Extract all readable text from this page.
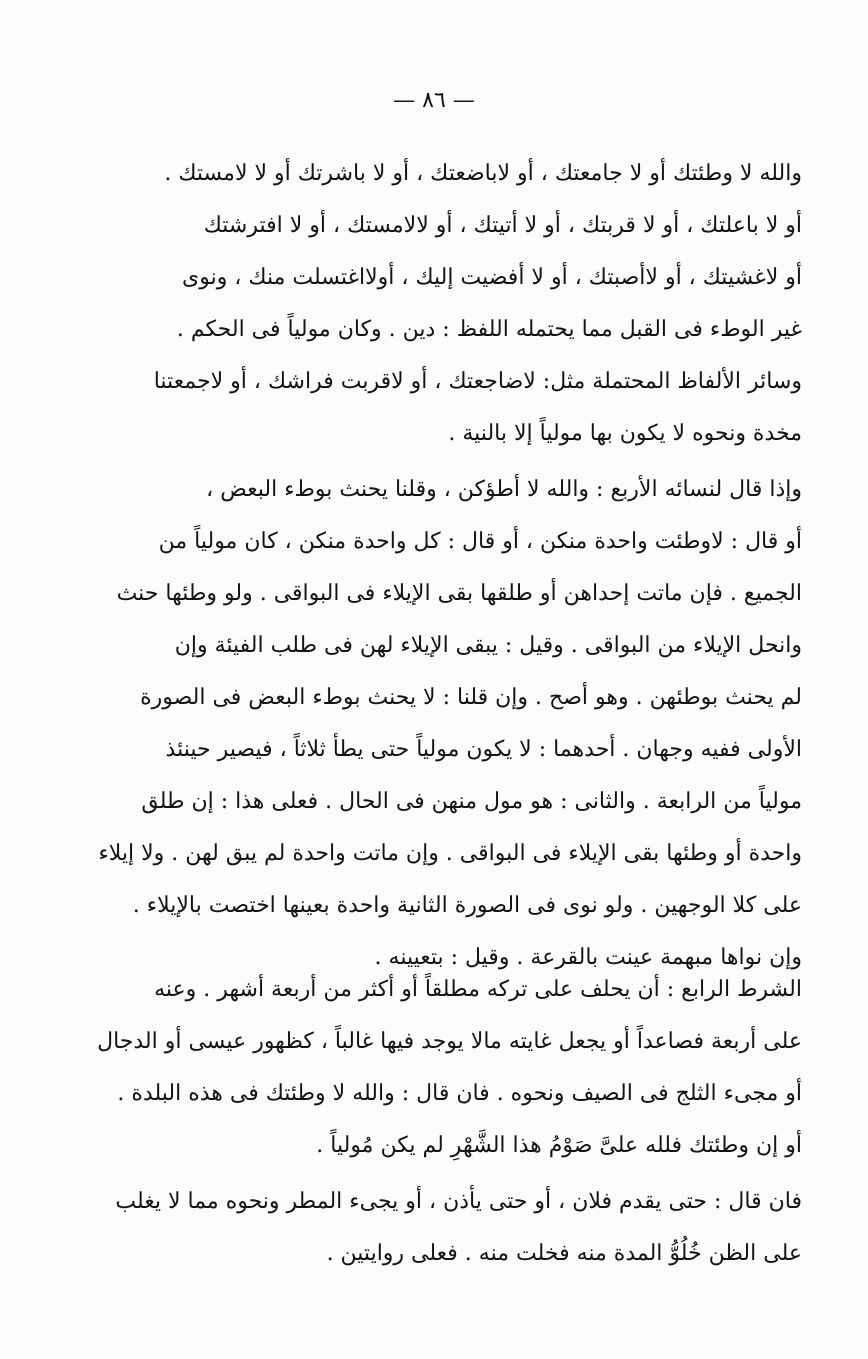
— ٨٦ —
والله لا وطئتك أو لا جامعتك ، أو لاباضعتك ، أو لا باشرتك أو لا لامستك .
أو لا باعلتك ، أو لا قربتك ، أو لا أتيتك ، أو لالامستك ، أو لا افترشتك
أو لاغشيتك ، أو لاأصبتك ، أو لا أفضيت إليك ، أولااغتسلت منك ، ونوى
غير الوطء فى القبل مما يحتمله اللفظ : دين . وكان مولياً فى الحكم .
وسائر الألفاظ المحتملة مثل: لاضاجعتك ، أو لاقربت فراشك ، أو لاجمعتنا
مخدة ونحوه لا يكون بها مولياً إلا بالنية .
وإذا قال لنسائه الأربع : والله لا أطؤكن ، وقلنا يحنث بوطء البعض ،
أو قال : لاوطئت واحدة منكن ، أو قال : كل واحدة منكن ، كان مولياً من
الجميع . فإن ماتت إحداهن أو طلقها بقى الإيلاء فى البواقى . ولو وطئها حنث
وانحل الإيلاء من البواقى . وقيل : يبقى الإيلاء لهن فى طلب الفيئة وإن
لم يحنث بوطئهن . وهو أصح . وإن قلنا : لا يحنث بوطء البعض فى الصورة
الأولى ففيه وجهان . أحدهما : لا يكون مولياً حتى يطأ ثلاثاً ، فيصير حينئذ
مولياً من الرابعة . والثانى : هو مول منهن فى الحال . فعلى هذا : إن طلق
واحدة أو وطئها بقى الإيلاء فى البواقى . وإن ماتت واحدة لم يبق لهن . ولا إيلاء
على كلا الوجهين . ولو نوى فى الصورة الثانية واحدة بعينها اختصت بالإيلاء .
وإن نواها مبهمة عينت بالقرعة . وقيل : بتعيينه .
الشرط الرابع : أن يحلف على تركه مطلقاً أو أكثر من أربعة أشهر . وعنه
على أربعة فصاعداً أو يجعل غايته مالا يوجد فيها غالباً ، كظهور عيسى أو الدجال
أو مجىء الثلج فى الصيف ونحوه . فان قال : والله لا وطئتك فى هذه البلدة .
أو إن وطئتك فلله علىَّ صَوْمُ هذا الشَّهْرِ لم يكن مُولياً .
فان قال : حتى يقدم فلان ، أو حتى يأذن ، أو يجىء المطر ونحوه مما لا يغلب
على الظن خُلُوُّ المدة منه فخلت منه . فعلى روايتين .
